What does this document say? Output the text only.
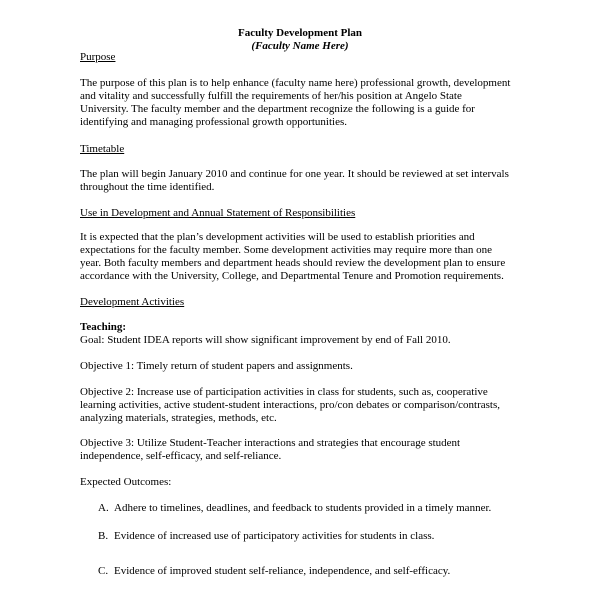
Faculty Development Plan
(Faculty Name Here)
Purpose
The purpose of this plan is to help enhance (faculty name here) professional growth, development
and vitality and successfully fulfill the requirements of her/his position at Angelo State
University. The faculty member and the department recognize the following is a guide for
identifying and managing professional growth opportunities.
Timetable
The plan will begin January 2010 and continue for one year. It should be reviewed at set intervals
throughout the time identified.
Use in Development and Annual Statement of Responsibilities
It is expected that the plan’s development activities will be used to establish priorities and
expectations for the faculty member. Some development activities may require more than one
year. Both faculty members and department heads should review the development plan to ensure
accordance with the University, College, and Departmental Tenure and Promotion requirements.
Development Activities
Teaching:
Goal: Student IDEA reports will show significant improvement by end of Fall 2010.
Objective 1: Timely return of student papers and assignments.
Objective 2: Increase use of participation activities in class for students, such as, cooperative
learning activities, active student-student interactions, pro/con debates or comparison/contrasts,
analyzing materials, strategies, methods, etc.
Objective 3: Utilize Student-Teacher interactions and strategies that encourage student
independence, self-efficacy, and self-reliance.
Expected Outcomes:
A. Adhere to timelines, deadlines, and feedback to students provided in a timely manner.
B. Evidence of increased use of participatory activities for students in class.
C. Evidence of improved student self-reliance, independence, and self-efficacy.
